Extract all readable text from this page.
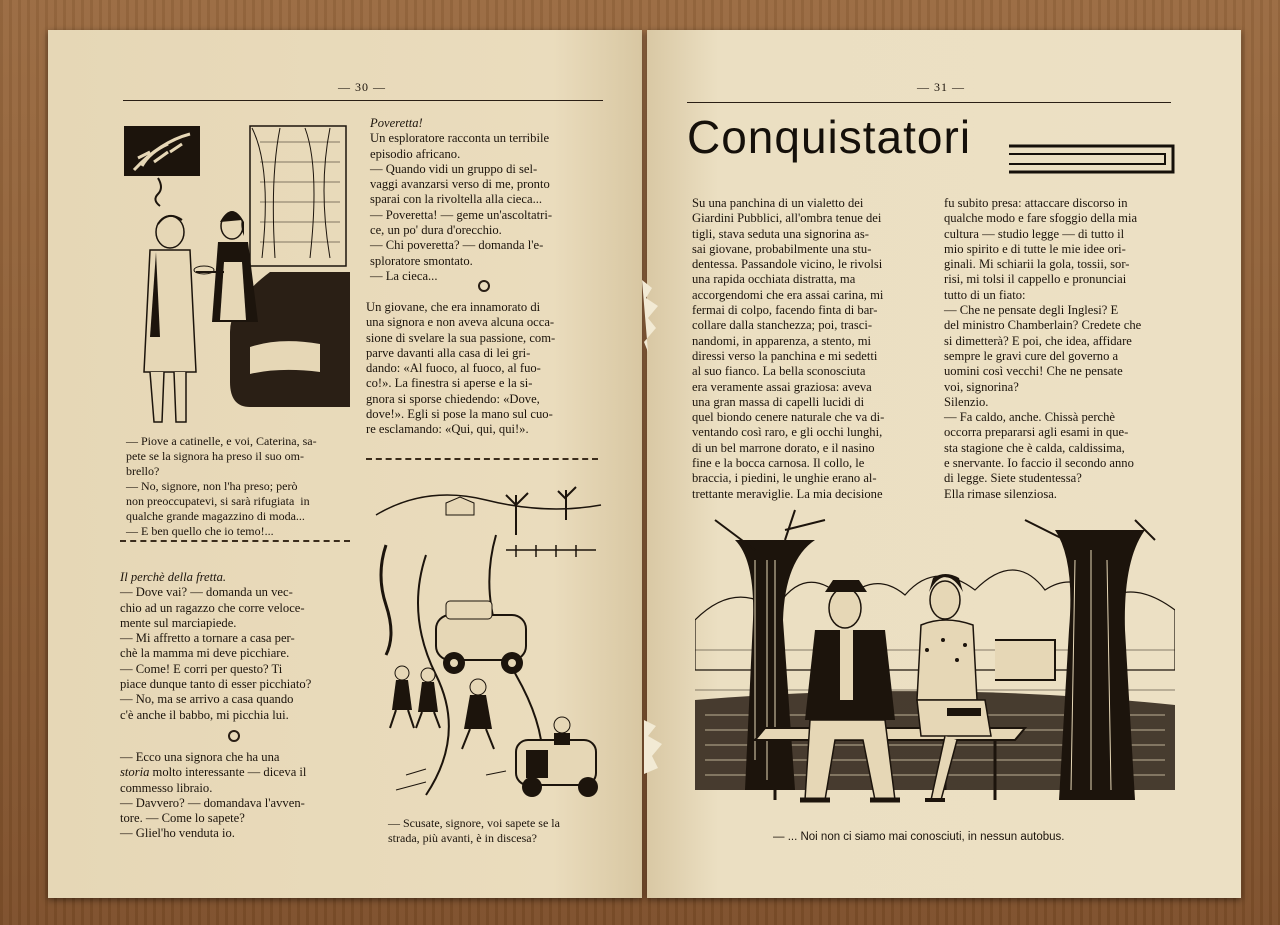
— 30 —
— Piove a catinelle, e voi, Caterina, sa-
pete se la signora ha preso il suo om-
brello?
— No, signore, non l'ha preso; però
non preoccupatevi, si sarà rifugiata  in
qualche grande magazzino di moda...
— E ben quello che io temo!...
Il perchè della fretta.
— Dove vai? — domanda un vec-
chio ad un ragazzo che corre veloce-
mente sul marciapiede.
— Mi affretto a tornare a casa per-
chè la mamma mi deve picchiare.
— Come! E corri per questo? Ti
piace dunque tanto di esser picchiato?
— No, ma se arrivo a casa quando
c'è anche il babbo, mi picchia lui.
— Ecco una signora che ha una
storia molto interessante — diceva il
commesso libraio.
— Davvero? — domandava l'avven-
tore. — Come lo sapete?
— Gliel'ho venduta io.
Poveretta!
Un esploratore racconta un terribile
episodio africano.
— Quando vidi un gruppo di sel-
vaggi avanzarsi verso di me, pronto
sparai con la rivoltella alla cieca...
— Poveretta! — geme un'ascoltatri-
ce, un po' dura d'orecchio.
— Chi poveretta? — domanda l'e-
sploratore smontato.
— La cieca...
Un giovane, che era innamorato di
una signora e non aveva alcuna occa-
sione di svelare la sua passione, com-
parve davanti alla casa di lei gri-
dando: «Al fuoco, al fuoco, al fuo-
co!». La finestra si aperse e la si-
gnora si sporse chiedendo: «Dove,
dove!». Egli si pose la mano sul cuo-
re esclamando: «Qui, qui, qui!».
— Scusate, signore, voi sapete se la
strada, più avanti, è in discesa?
— 31 —
Conquistatori
Su una panchina di un vialetto dei
Giardini Pubblici, all'ombra tenue dei
tigli, stava seduta una signorina as-
sai giovane, probabilmente una stu-
dentessa. Passandole vicino, le rivolsi
una rapida occhiata distratta, ma
accorgendomi che era assai carina, mi
fermai di colpo, facendo finta di bar-
collare dalla stanchezza; poi, trasci-
nandomi, in apparenza, a stento, mi
diressi verso la panchina e mi sedetti
al suo fianco. La bella sconosciuta
era veramente assai graziosa: aveva
una gran massa di capelli lucidi di
quel biondo cenere naturale che va di-
ventando così raro, e gli occhi lunghi,
di un bel marrone dorato, e il nasino
fine e la bocca carnosa. Il collo, le
braccia, i piedini, le unghie erano al-
trettante meraviglie. La mia decisione
fu subito presa: attaccare discorso in
qualche modo e fare sfoggio della mia
cultura — studio legge — di tutto il
mio spirito e di tutte le mie idee ori-
ginali. Mi schiarii la gola, tossii, sor-
risi, mi tolsi il cappello e pronunciai
tutto di un fiato:
— Che ne pensate degli Inglesi? E
del ministro Chamberlain? Credete che
si dimetterà? E poi, che idea, affidare
sempre le gravi cure del governo a
uomini così vecchi! Che ne pensate
voi, signorina?
Silenzio.
— Fa caldo, anche. Chissà perchè
occorra prepararsi agli esami in que-
sta stagione che è calda, caldissima,
e snervante. Io faccio il secondo anno
di legge. Siete studentessa?
Ella rimase silenziosa.
— ... Noi non ci siamo mai conosciuti, in nessun autobus.
